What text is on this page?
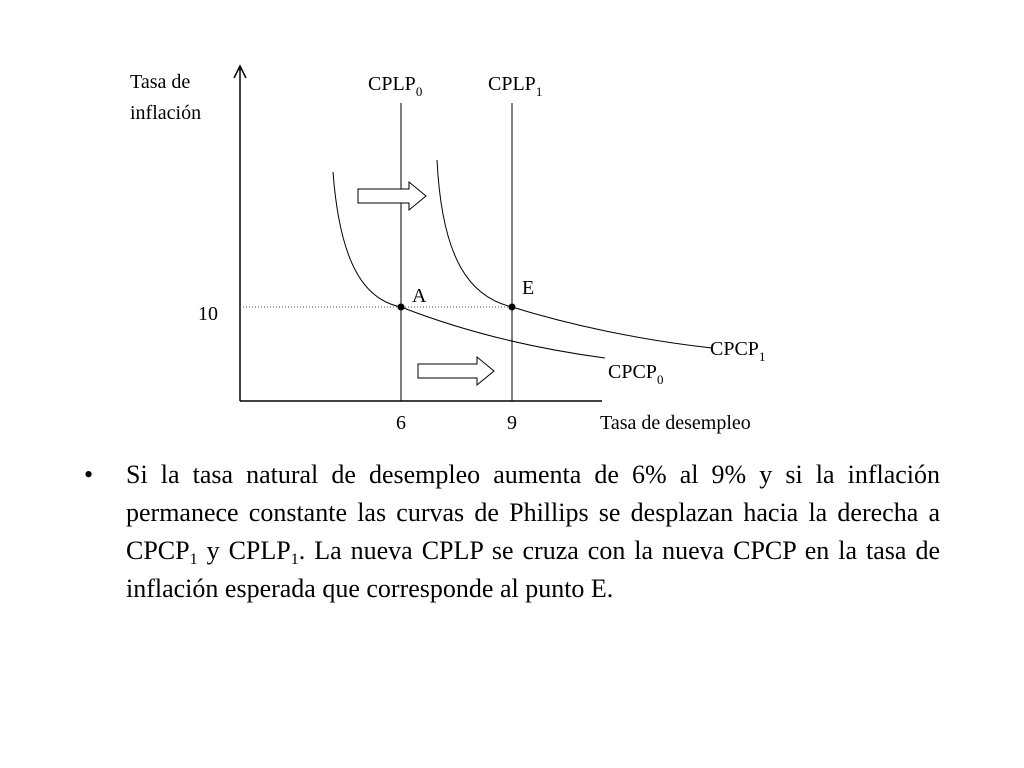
Tasa de
inflación
Tasa de desempleo
$CPLP_0$	$CPLP_1$
$CPCP_1$
$CPCP_0$
A	E
10
6	9
•	Si la tasa natural de desempleo aumenta de 6% al 9% y si la inflación permanece constante las curvas de Phillips se desplazan hacia la derecha a $CPCP_1$ y $CPLP_1$. La nueva CPLP se cruza con la nueva CPCP en la tasa de inflación esperada que corresponde al punto E.
